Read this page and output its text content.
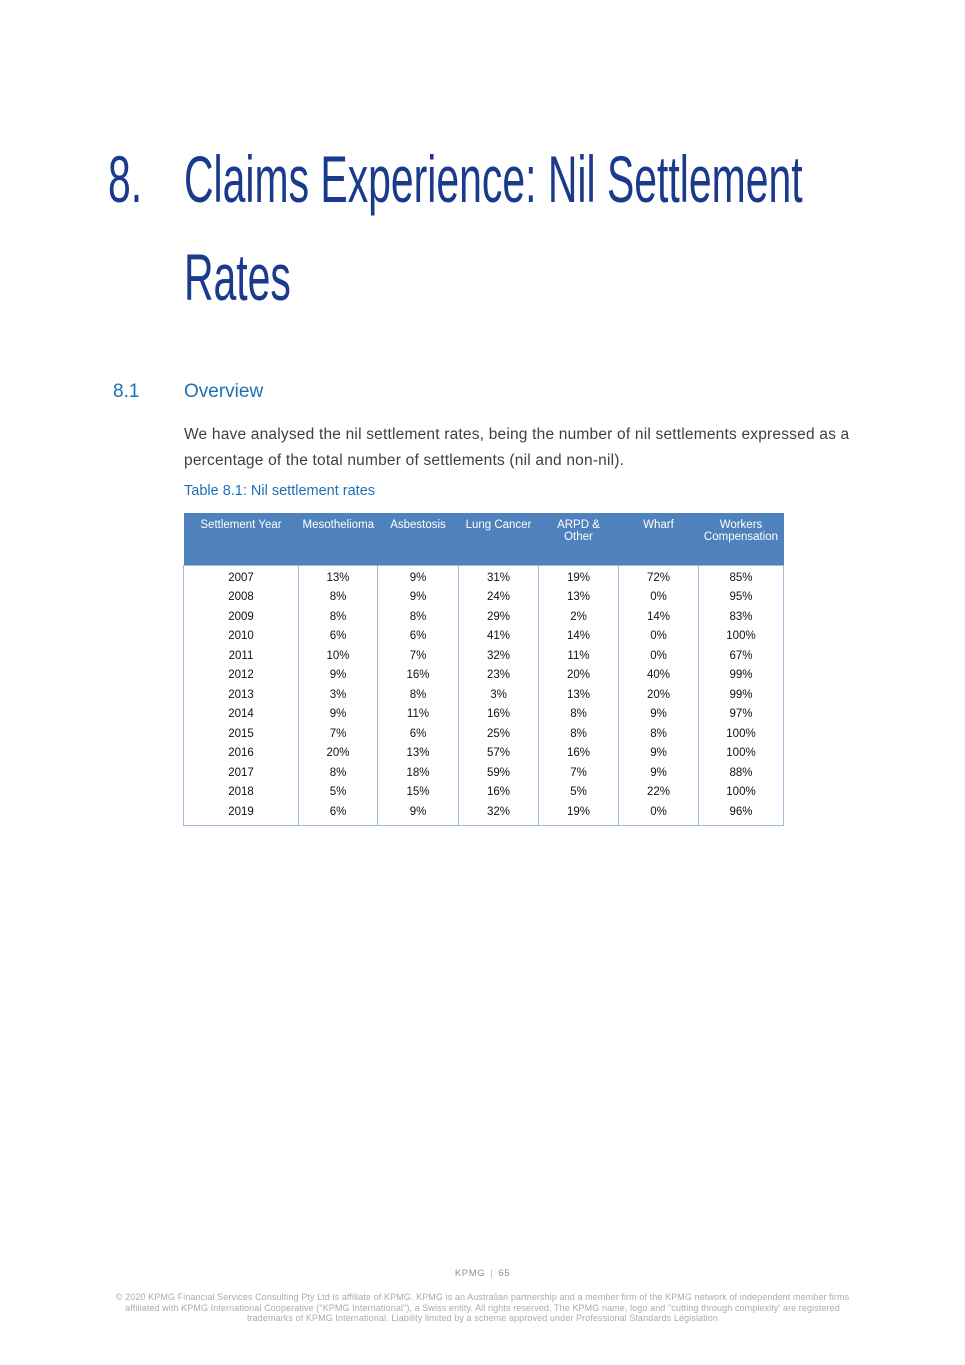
8. Claims Experience: Nil Settlement
Rates
8.1 Overview
We have analysed the nil settlement rates, being the number of nil settlements expressed as a percentage of the total number of settlements (nil and non-nil).
Table 8.1: Nil settlement rates
Settlement Year	Mesothelioma	Asbestosis	Lung Cancer	ARPD & Other	Wharf	Workers Compensation
2007	13%	9%	31%	19%	72%	85%
2008	8%	9%	24%	13%	0%	95%
2009	8%	8%	29%	2%	14%	83%
2010	6%	6%	41%	14%	0%	100%
2011	10%	7%	32%	11%	0%	67%
2012	9%	16%	23%	20%	40%	99%
2013	3%	8%	3%	13%	20%	99%
2014	9%	11%	16%	8%	9%	97%
2015	7%	6%	25%	8%	8%	100%
2016	20%	13%	57%	16%	9%	100%
2017	8%	18%	59%	7%	9%	88%
2018	5%	15%	16%	5%	22%	100%
2019	6%	9%	32%	19%	0%	96%
KPMG | 65
© 2020 KPMG Financial Services Consulting Pty Ltd is affiliate of KPMG. KPMG is an Australian partnership and a member firm of the KPMG network of independent member firms affiliated with KPMG International Cooperative ("KPMG International"), a Swiss entity. All rights reserved. The KPMG name, logo and "cutting through complexity' are registered trademarks of KPMG International. Liability limited by a scheme approved under Professional Standards Legislation
